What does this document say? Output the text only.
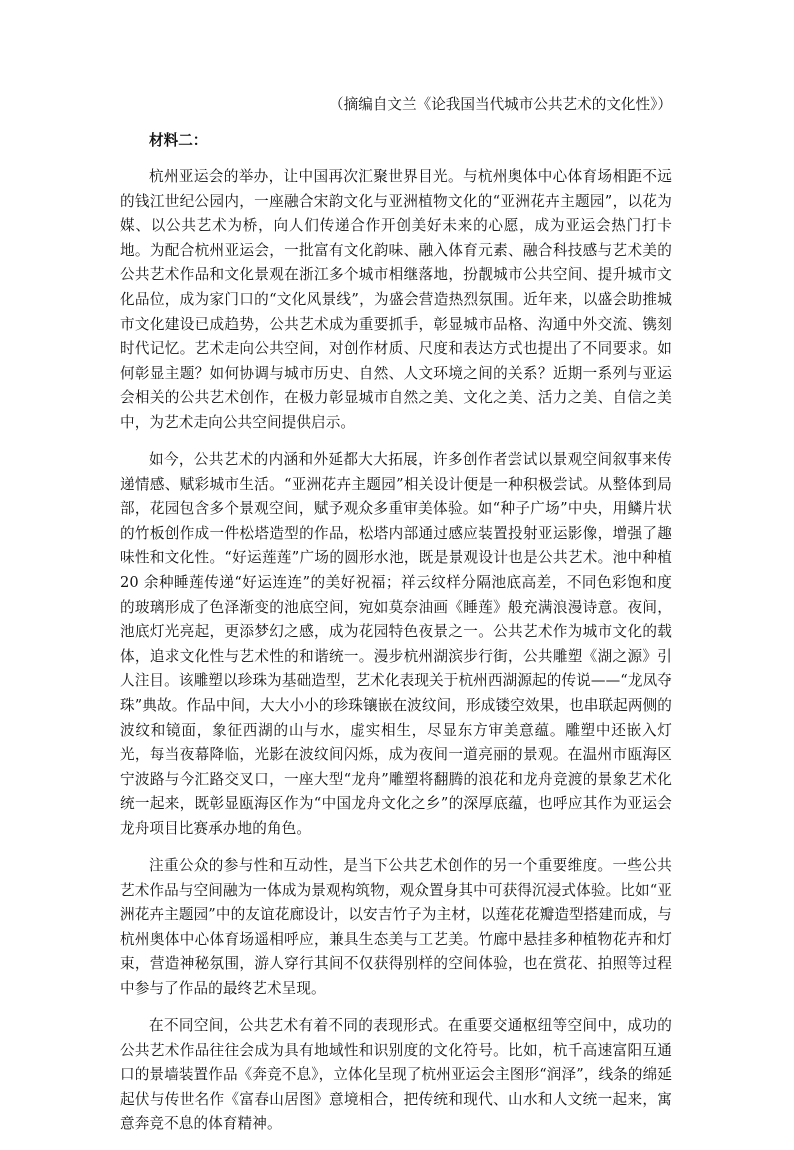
（摘编自文兰《论我国当代城市公共艺术的文化性》）
材料二：

杭州亚运会的举办，让中国再次汇聚世界目光。与杭州奥体中心体育场相距不远的钱江世纪公园内，一座融合宋韵文化与亚洲植物文化的“亚洲花卉主题园”，以花为媒、以公共艺术为桥，向人们传递合作开创美好未来的心愿，成为亚运会热门打卡地。为配合杭州亚运会，一批富有文化韵味、融入体育元素、融合科技感与艺术美的公共艺术作品和文化景观在浙江多个城市相继落地，扮靓城市公共空间、提升城市文化品位，成为家门口的“文化风景线”，为盛会营造热烈氛围。近年来，以盛会助推城市文化建设已成趋势，公共艺术成为重要抓手，彰显城市品格、沟通中外交流、镌刻时代记忆。艺术走向公共空间，对创作材质、尺度和表达方式也提出了不同要求。如何彰显主题？如何协调与城市历史、自然、人文环境之间的关系？近期一系列与亚运会相关的公共艺术创作，在极力彰显城市自然之美、文化之美、活力之美、自信之美中，为艺术走向公共空间提供启示。

如今，公共艺术的内涵和外延都大大拓展，许多创作者尝试以景观空间叙事来传递情感、赋彩城市生活。“亚洲花卉主题园”相关设计便是一种积极尝试。从整体到局部，花园包含多个景观空间，赋予观众多重审美体验。如“种子广场”中央，用鳞片状的竹板创作成一件松塔造型的作品，松塔内部通过感应装置投射亚运影像，增强了趣味性和文化性。“好运莲莲”广场的圆形水池，既是景观设计也是公共艺术。池中种植 20 余种睡莲传递“好运连连”的美好祝福；祥云纹样分隔池底高差，不同色彩饱和度的玻璃形成了色泽渐变的池底空间，宛如莫奈油画《睡莲》般充满浪漫诗意。夜间，池底灯光亮起，更添梦幻之感，成为花园特色夜景之一。公共艺术作为城市文化的载体，追求文化性与艺术性的和谐统一。漫步杭州湖滨步行街，公共雕塑《湖之源》引人注目。该雕塑以珍珠为基础造型，艺术化表现关于杭州西湖源起的传说——“龙凤夺珠”典故。作品中间，大大小小的珍珠镶嵌在波纹间，形成镂空效果，也串联起两侧的波纹和镜面，象征西湖的山与水，虚实相生，尽显东方审美意蕴。雕塑中还嵌入灯光，每当夜幕降临，光影在波纹间闪烁，成为夜间一道亮丽的景观。在温州市瓯海区宁波路与今汇路交叉口，一座大型“龙舟”雕塑将翻腾的浪花和龙舟竞渡的景象艺术化统一起来，既彰显瓯海区作为“中国龙舟文化之乡”的深厚底蕴，也呼应其作为亚运会龙舟项目比赛承办地的角色。

注重公众的参与性和互动性，是当下公共艺术创作的另一个重要维度。一些公共艺术作品与空间融为一体成为景观构筑物，观众置身其中可获得沉浸式体验。比如“亚洲花卉主题园”中的友谊花廊设计，以安吉竹子为主材，以莲花花瓣造型搭建而成，与杭州奥体中心体育场遥相呼应，兼具生态美与工艺美。竹廊中悬挂多种植物花卉和灯束，营造神秘氛围，游人穿行其间不仅获得别样的空间体验，也在赏花、拍照等过程中参与了作品的最终艺术呈现。

在不同空间，公共艺术有着不同的表现形式。在重要交通枢纽等空间中，成功的公共艺术作品往往会成为具有地域性和识别度的文化符号。比如，杭千高速富阳互通口的景墙装置作品《奔竞不息》，立体化呈现了杭州亚运会主图形“润泽”，线条的绵延起伏与传世名作《富春山居图》意境相合，把传统和现代、山水和人文统一起来，寓意奔竞不息的体育精神。
